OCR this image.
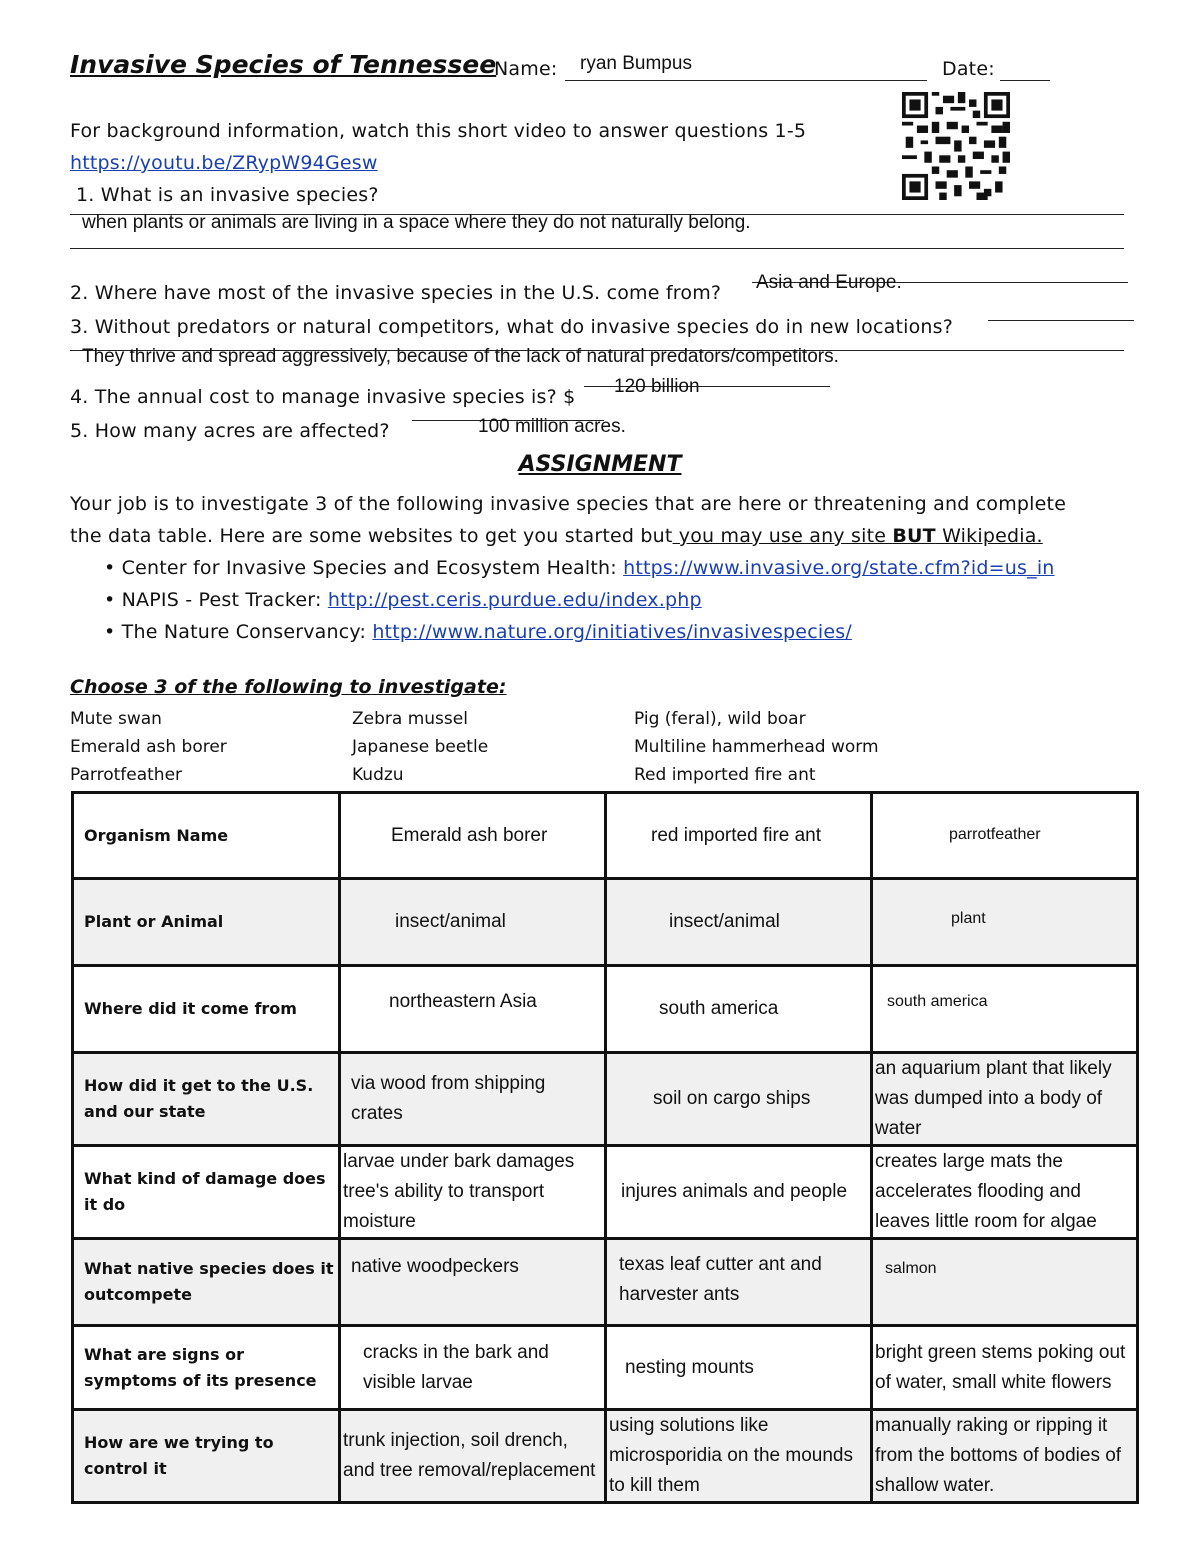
Invasive Species of Tennessee
Name: ryan Bumpus	Date:
For background information, watch this short video to answer questions 1-5
https://youtu.be/ZRypW94Gesw
1. What is an invasive species?
when plants or animals are living in a space where they do not naturally belong.
2. Where have most of the invasive species in the U.S. come from? Asia and Europe.
3. Without predators or natural competitors, what do invasive species do in new locations?
They thrive and spread aggressively, because of the lack of natural predators/competitors.
4. The annual cost to manage invasive species is? $ 120 billion
5. How many acres are affected?	100 million acres.
ASSIGNMENT
Your job is to investigate 3 of the following invasive species that are here or threatening and complete
the data table. Here are some websites to get you started but you may use any site BUT Wikipedia.
• Center for Invasive Species and Ecosystem Health: https://www.invasive.org/state.cfm?id=us_in
• NAPIS - Pest Tracker: http://pest.ceris.purdue.edu/index.php
• The Nature Conservancy: http://www.nature.org/initiatives/invasivespecies/
Choose 3 of the following to investigate:
Mute swan
Emerald ash borer
Parrotfeather
Zebra mussel
Japanese beetle
Kudzu
Pig (feral), wild boar
Multiline hammerhead worm
Red imported fire ant
Organism Name	Emerald ash borer	red imported fire ant	parrotfeather
Plant or Animal	insect/animal	insect/animal	plant
Where did it come from	northeastern Asia	south america	south america
How did it get to the U.S. and our state	via wood from shipping crates	soil on cargo ships	an aquarium plant that likely was dumped into a body of water
What kind of damage does it do	larvae under bark damages tree's ability to transport moisture	injures animals and people	creates large mats the accelerates flooding and leaves little room for algae
What native species does it outcompete	native woodpeckers	texas leaf cutter ant and harvester ants	salmon
What are signs or symptoms of its presence	cracks in the bark and visible larvae	nesting mounts	bright green stems poking out of water, small white flowers
How are we trying to control it	trunk injection, soil drench, and tree removal/replacement	using solutions like microsporidia on the mounds to kill them	manually raking or ripping it from the bottoms of bodies of shallow water.
